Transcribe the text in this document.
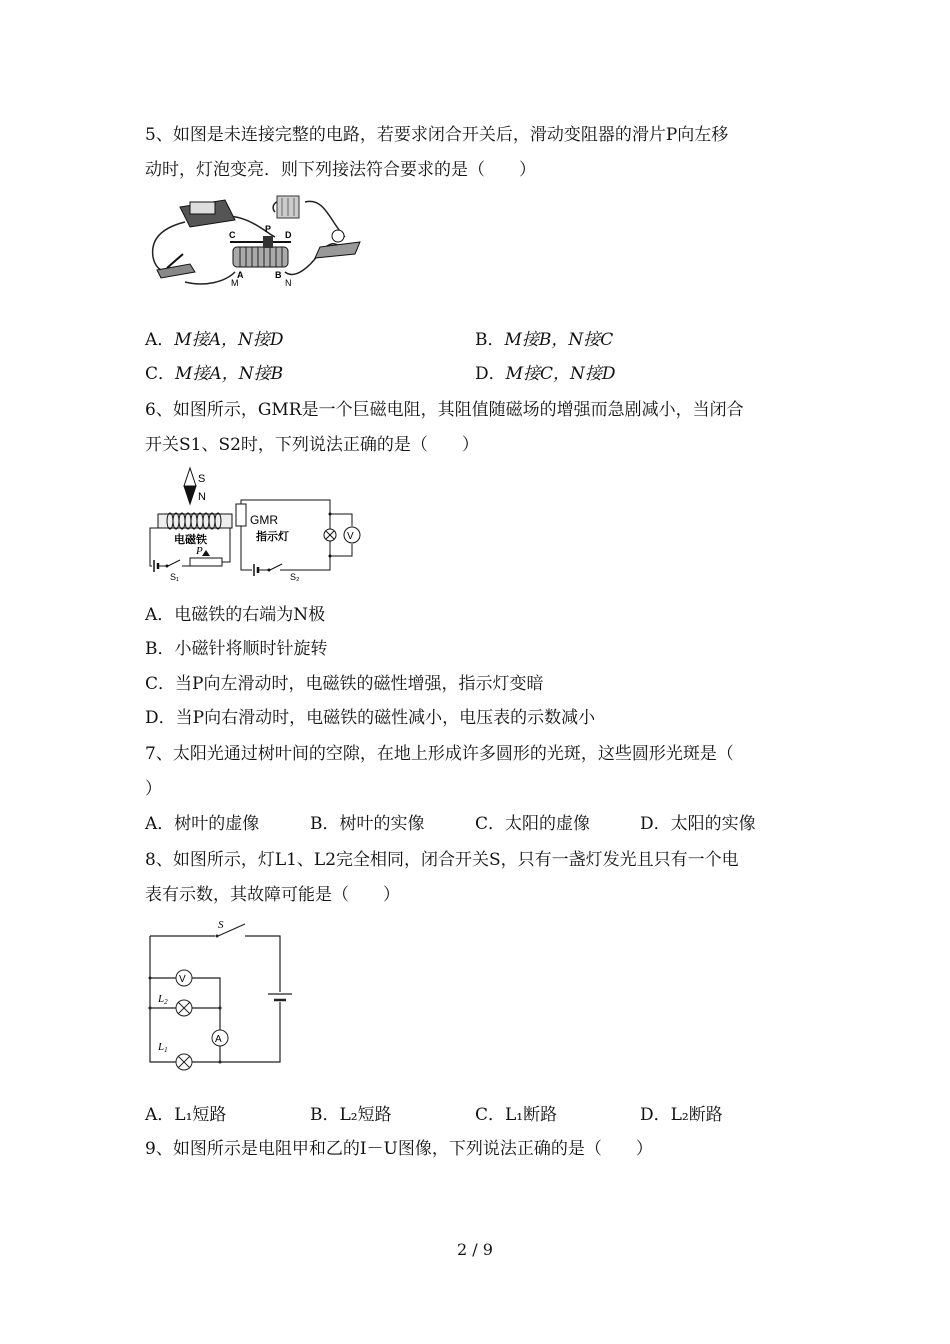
5、如图是未连接完整的电路，若要求闭合开关后，滑动变阻器的滑片P向左移
动时，灯泡变亮．则下列接法符合要求的是（　　）
C
P
D
A	B
M	N
A．M接A，N接D	B．M接B，N接C
C．M接A，N接B	D．M接C，N接D
6、如图所示，GMR是一个巨磁电阻，其阻值随磁场的增强而急剧减小，当闭合
开关S1、S2时，下列说法正确的是（　　）
S
N
电磁铁
P
S₁	S₂
GMR
指示灯	V
A．电磁铁的右端为N极
B．小磁针将顺时针旋转
C．当P向左滑动时，电磁铁的磁性增强，指示灯变暗
D．当P向右滑动时，电磁铁的磁性减小，电压表的示数减小
7、太阳光通过树叶间的空隙，在地上形成许多圆形的光斑，这些圆形光斑是（
）
A．树叶的虚像	B．树叶的实像	C．太阳的虚像	D．太阳的实像
8、如图所示，灯L1、L2完全相同，闭合开关S，只有一盏灯发光且只有一个电
表有示数，其故障可能是（　　）
S
V
L2
A
L1
A．L₁短路	B．L₂短路	C．L₁断路	D．L₂断路
9、如图所示是电阻甲和乙的I－U图像，下列说法正确的是（　　）
2 / 9
